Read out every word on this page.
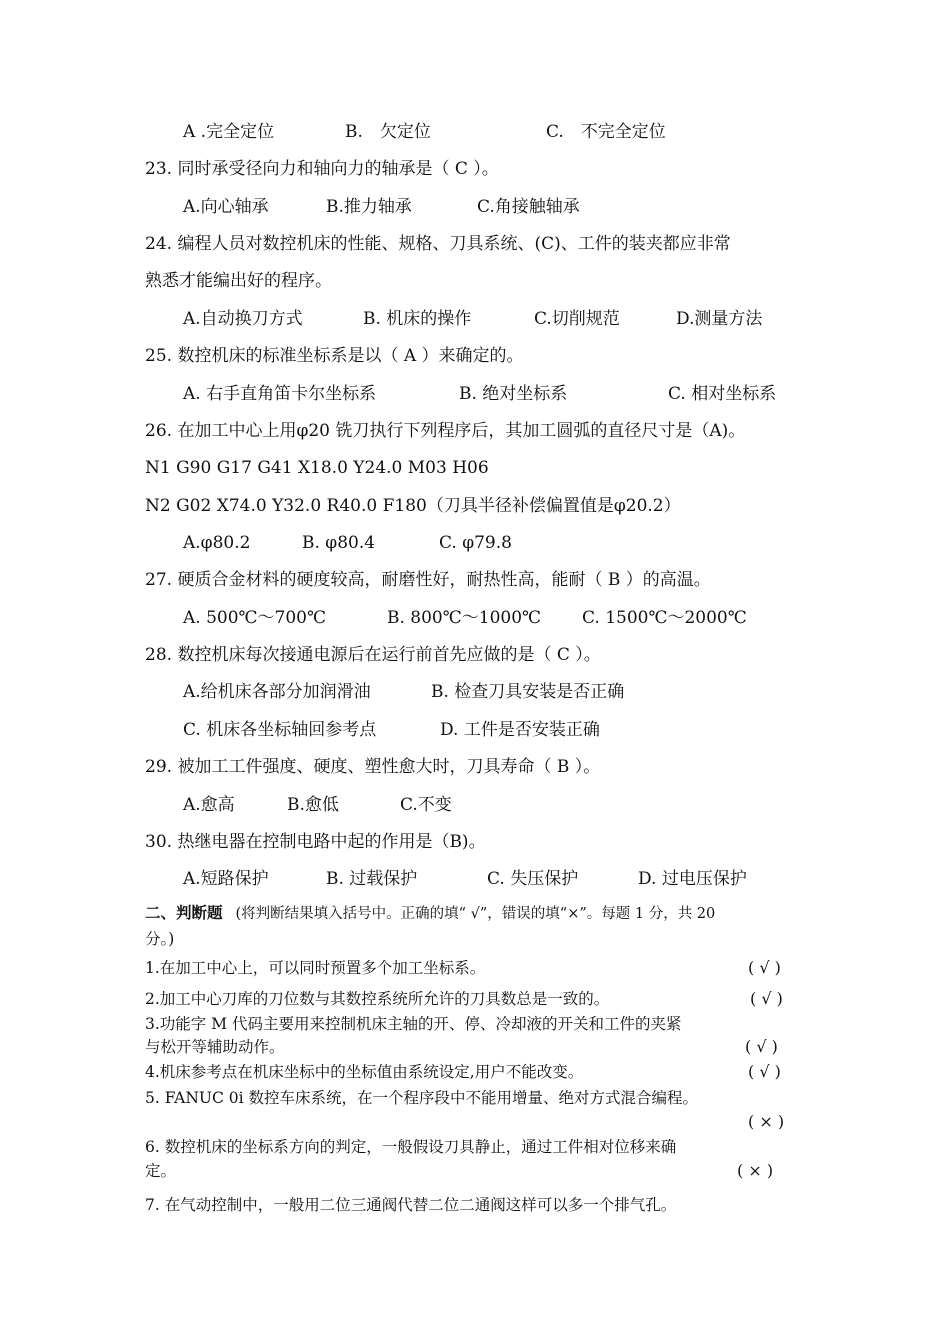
A .完全定位	B.　欠定位	C.　不完全定位
23. 同时承受径向力和轴向力的轴承是（ C ）。
A.向心轴承	B.推力轴承	C.角接触轴承
24. 编程人员对数控机床的性能、规格、刀具系统、(C)、工件的装夹都应非常
熟悉才能编出好的程序。
A.自动换刀方式	B. 机床的操作	C.切削规范	D.测量方法
25. 数控机床的标准坐标系是以（ A ）来确定的。
A. 右手直角笛卡尔坐标系	B. 绝对坐标系	C. 相对坐标系
26. 在加工中心上用φ20 铣刀执行下列程序后，其加工圆弧的直径尺寸是（A)。
N1 G90 G17 G41 X18.0 Y24.0 M03 H06
N2 G02 X74.0 Y32.0 R40.0 F180（刀具半径补偿偏置值是φ20.2）
A.φ80.2	B. φ80.4	C. φ79.8
27. 硬质合金材料的硬度较高，耐磨性好，耐热性高，能耐（ B ）的高温。
A. 500℃～700℃	B. 800℃～1000℃ C. 1500℃～2000℃
28. 数控机床每次接通电源后在运行前首先应做的是（ C ）。
A.给机床各部分加润滑油	B. 检查刀具安装是否正确
C. 机床各坐标轴回参考点	D. 工件是否安装正确
29. 被加工工件强度、硬度、塑性愈大时，刀具寿命（ B ）。
A.愈高	B.愈低	C.不变
30. 热继电器在控制电路中起的作用是（B)。
A.短路保护	B. 过载保护	C. 失压保护	D. 过电压保护
二、判断题 (将判断结果填入括号中。正确的填“ √”，错误的填“×”。每题 1 分，共 20
分。)
1.在加工中心上，可以同时预置多个加工坐标系。	( √ )
2.加工中心刀库的刀位数与其数控系统所允许的刀具数总是一致的。	( √ )
3.功能字 M 代码主要用来控制机床主轴的开、停、冷却液的开关和工件的夹紧
与松开等辅助动作。	( √ )
4.机床参考点在机床坐标中的坐标值由系统设定,用户不能改变。	( √ )
5. FANUC 0i 数控车床系统，在一个程序段中不能用增量、绝对方式混合编程。
( × )
6. 数控机床的坐标系方向的判定，一般假设刀具静止，通过工件相对位移来确
定。	( × )
7. 在气动控制中，一般用二位三通阀代替二位二通阀这样可以多一个排气孔。
